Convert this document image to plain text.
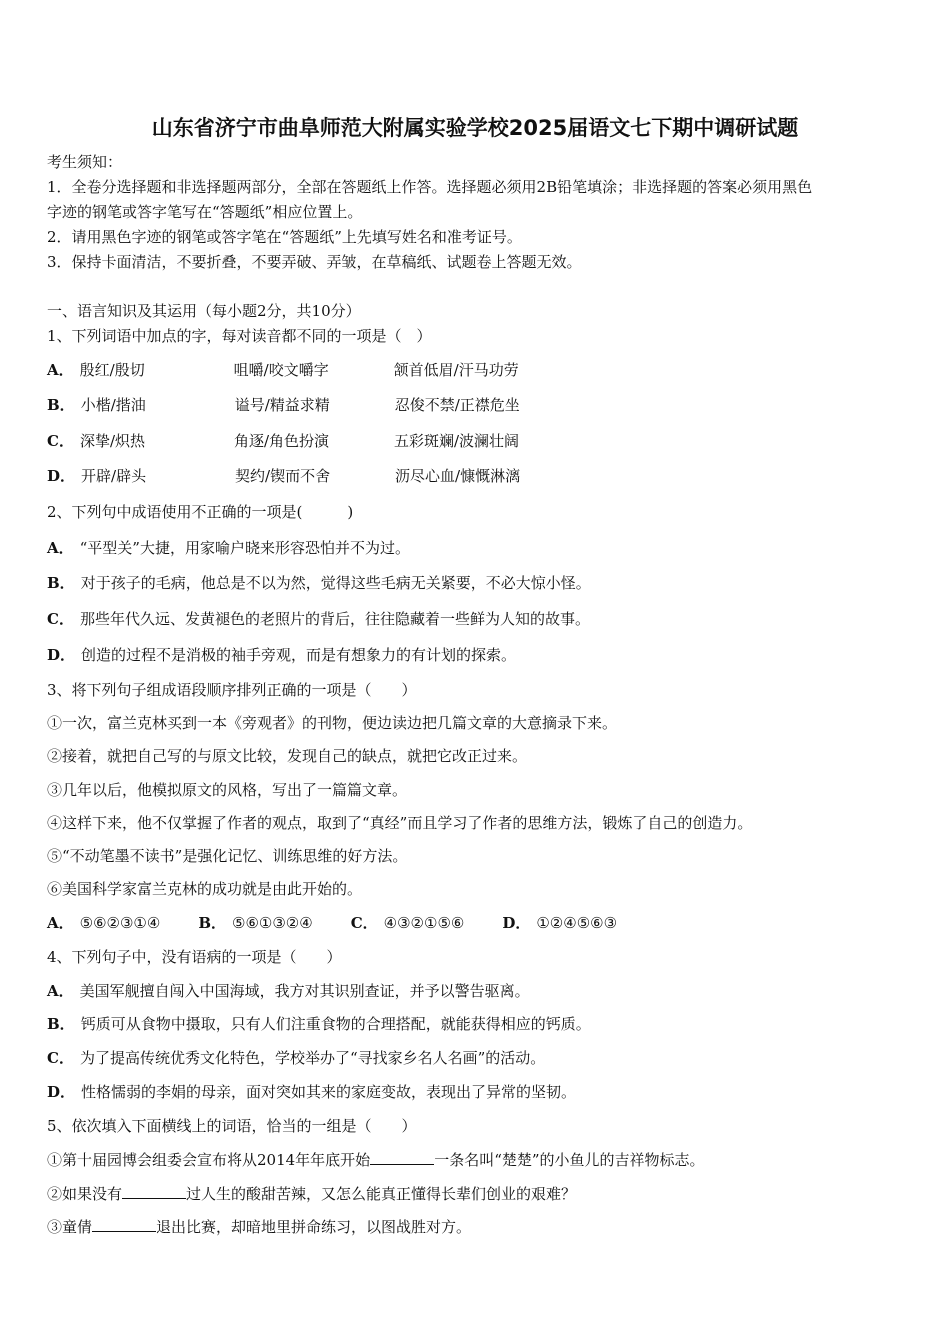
山东省济宁市曲阜师范大附属实验学校2025届语文七下期中调研试题
考生须知：
1．全卷分选择题和非选择题两部分，全部在答题纸上作答。选择题必须用2B铅笔填涂；非选择题的答案必须用黑色
字迹的钢笔或答字笔写在“答题纸”相应位置上。
2．请用黑色字迹的钢笔或答字笔在“答题纸”上先填写姓名和准考证号。
3．保持卡面清洁，不要折叠，不要弄破、弄皱，在草稿纸、试题卷上答题无效。
一、语言知识及其运用（每小题2分，共10分）
1、下列词语中加点的字，每对读音都不同的一项是（　）
A． 殷红/殷切	咀嚼/咬文嚼字	颔首低眉/汗马功劳
B． 小楷/揩油	谥号/精益求精	忍俊不禁/正襟危坐
C． 深挚/炽热	角逐/角色扮演	五彩斑斓/波澜壮阔
D． 开辟/辟头	契约/锲而不舍	沥尽心血/慷慨淋漓
2、下列句中成语使用不正确的一项是(　　　)
A． “平型关”大捷，用家喻户晓来形容恐怕并不为过。
B． 对于孩子的毛病，他总是不以为然，觉得这些毛病无关紧要，不必大惊小怪。
C． 那些年代久远、发黄褪色的老照片的背后，往往隐藏着一些鲜为人知的故事。
D． 创造的过程不是消极的袖手旁观，而是有想象力的有计划的探索。
3、将下列句子组成语段顺序排列正确的一项是（　　）
①一次，富兰克林买到一本《旁观者》的刊物，便边读边把几篇文章的大意摘录下来。
②接着，就把自己写的与原文比较，发现自己的缺点，就把它改正过来。
③几年以后，他模拟原文的风格，写出了一篇篇文章。
④这样下来，他不仅掌握了作者的观点，取到了“真经”而且学习了作者的思维方法，锻炼了自己的创造力。
⑤“不动笔墨不读书”是强化记忆、训练思维的好方法。
⑥美国科学家富兰克林的成功就是由此开始的。
A． ⑤⑥②③①④	B． ⑤⑥①③②④	C． ④③②①⑤⑥	D． ①②④⑤⑥③
4、下列句子中，没有语病的一项是（　　）
A． 美国军舰擅自闯入中国海域，我方对其识别查证，并予以警告驱离。
B． 钙质可从食物中摄取，只有人们注重食物的合理搭配，就能获得相应的钙质。
C． 为了提高传统优秀文化特色，学校举办了“寻找家乡名人名画”的活动。
D． 性格懦弱的李娟的母亲，面对突如其来的家庭变故，表现出了异常的坚韧。
5、依次填入下面横线上的词语，恰当的一组是（　　）
①第十届园博会组委会宣布将从2014年年底开始	一条名叫“楚楚”的小鱼儿的吉祥物标志。
②如果没有	过人生的酸甜苦辣，又怎么能真正懂得长辈们创业的艰难？
③童倩	退出比赛，却暗地里拼命练习，以图战胜对方。
